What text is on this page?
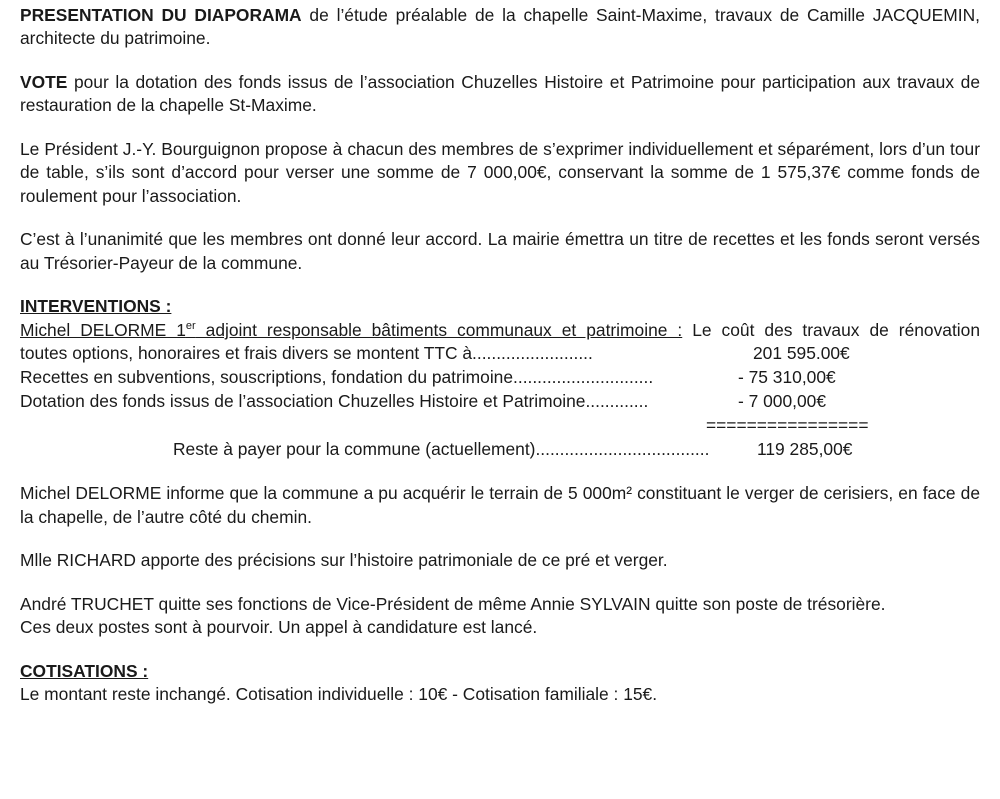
PRESENTATION DU DIAPORAMA de l’étude préalable de la chapelle Saint-Maxime, travaux de Camille JACQUEMIN, architecte du patrimoine.

VOTE pour la dotation des fonds issus de l’association Chuzelles Histoire et Patrimoine pour participation aux travaux de restauration de la chapelle St-Maxime.

Le Président J.-Y. Bourguignon propose à chacun des membres de s’exprimer individuellement et séparément, lors d’un tour de table, s’ils sont d’accord pour verser une somme de 7 000,00€, conservant la somme de 1 575,37€ comme fonds de roulement pour l’association.

C’est à l’unanimité que les membres ont donné leur accord. La mairie émettra un titre de recettes et les fonds seront versés au Trésorier-Payeur de la commune.

INTERVENTIONS :

Michel DELORME 1er adjoint responsable bâtiments communaux et patrimoine : Le coût des travaux de rénovation

toutes options, honoraires et frais divers se montent TTC à.........................	201 595.00€
Recettes en subventions, souscriptions, fondation du patrimoine.............................	- 75 310,00€
Dotation des fonds issus de l’association Chuzelles Histoire et Patrimoine.............	- 7 000,00€
================
Reste à payer pour la commune (actuellement)....................................	119 285,00€

Michel DELORME informe que la commune a pu acquérir le terrain de 5 000m² constituant le verger de cerisiers, en face de la chapelle, de l’autre côté du chemin.

Mlle RICHARD apporte des précisions sur l’histoire patrimoniale de ce pré et verger.

André TRUCHET quitte ses fonctions de Vice-Président de même Annie SYLVAIN quitte son poste de trésorière.

Ces deux postes sont à pourvoir. Un appel à candidature est lancé.

COTISATIONS :

Le montant reste inchangé. Cotisation individuelle : 10€ - Cotisation familiale : 15€.
